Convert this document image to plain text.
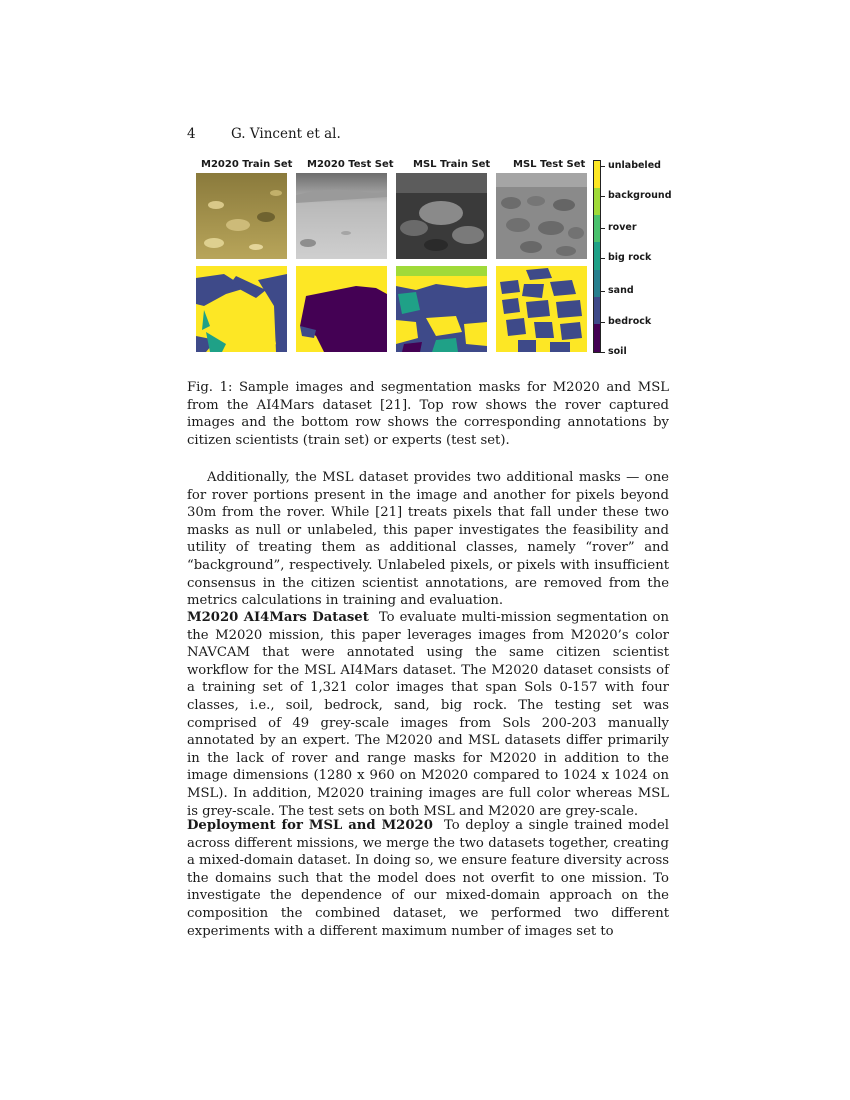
4	G. Vincent et al.
M2020 Train Set M2020 Test Set MSL Train Set MSL Test Set unlabeled
background
rover
big rock
sand
bedrock
soil
Fig. 1: Sample images and segmentation masks for M2020 and MSL from the AI4Mars dataset [21]. Top row shows the rover captured images and the bottom row shows the corresponding annotations by citizen scientists (train set) or experts (test set).
Additionally, the MSL dataset provides two additional masks — one for rover portions present in the image and another for pixels beyond 30m from the rover. While [21] treats pixels that fall under these two masks as null or unlabeled, this paper investigates the feasibility and utility of treating them as additional classes, namely “rover” and “background”, respectively. Unlabeled pixels, or pixels with insufficient consensus in the citizen scientist annotations, are removed from the metrics calculations in training and evaluation.
M2020 AI4Mars Dataset To evaluate multi-mission segmentation on the M2020 mission, this paper leverages images from M2020’s color NAVCAM that were annotated using the same citizen scientist workflow for the MSL AI4Mars dataset. The M2020 dataset consists of a training set of 1,321 color images that span Sols 0-157 with four classes, i.e., soil, bedrock, sand, big rock. The testing set was comprised of 49 grey-scale images from Sols 200-203 manually annotated by an expert. The M2020 and MSL datasets differ primarily in the lack of rover and range masks for M2020 in addition to the image dimensions (1280 x 960 on M2020 compared to 1024 x 1024 on MSL). In addition, M2020 training images are full color whereas MSL is grey-scale. The test sets on both MSL and M2020 are grey-scale.
Deployment for MSL and M2020 To deploy a single trained model across different missions, we merge the two datasets together, creating a mixed-domain dataset. In doing so, we ensure feature diversity across the domains such that the model does not overfit to one mission. To investigate the dependence of our mixed-domain approach on the composition the combined dataset, we performed two different experiments with a different maximum number of images set to
